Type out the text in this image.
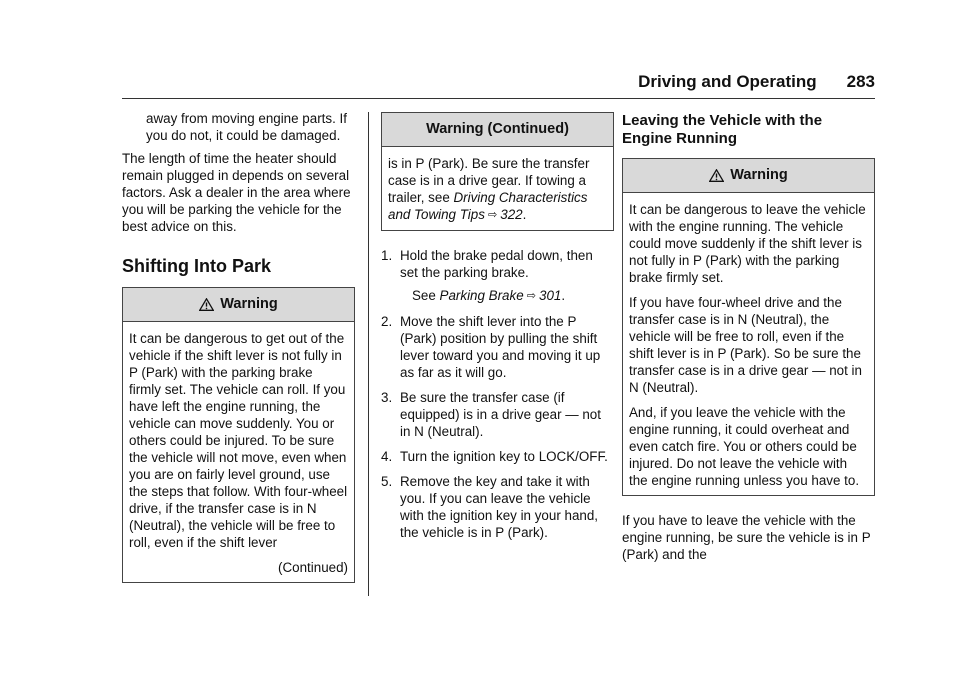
Driving and Operating 283

away from moving engine parts. If you do not, it could be damaged.

The length of time the heater should remain plugged in depends on several factors. Ask a dealer in the area where you will be parking the vehicle for the best advice on this.

Shifting Into Park

Warning

It can be dangerous to get out of the vehicle if the shift lever is not fully in P (Park) with the parking brake firmly set. The vehicle can roll. If you have left the engine running, the vehicle can move suddenly. You or others could be injured. To be sure the vehicle will not move, even when you are on fairly level ground, use the steps that follow. With four-wheel drive, if the transfer case is in N (Neutral), the vehicle will be free to roll, even if the shift lever

(Continued)

Warning (Continued)

is in P (Park). Be sure the transfer case is in a drive gear. If towing a trailer, see Driving Characteristics and Towing Tips ⇨ 322.

1. Hold the brake pedal down, then set the parking brake.

See Parking Brake ⇨ 301.

2. Move the shift lever into the P (Park) position by pulling the shift lever toward you and moving it up as far as it will go.

3. Be sure the transfer case (if equipped) is in a drive gear — not in N (Neutral).

4. Turn the ignition key to LOCK/OFF.

5. Remove the key and take it with you. If you can leave the vehicle with the ignition key in your hand, the vehicle is in P (Park).

Leaving the Vehicle with the Engine Running

Warning

It can be dangerous to leave the vehicle with the engine running. The vehicle could move suddenly if the shift lever is not fully in P (Park) with the parking brake firmly set.

If you have four-wheel drive and the transfer case is in N (Neutral), the vehicle will be free to roll, even if the shift lever is in P (Park). So be sure the transfer case is in a drive gear — not in N (Neutral).

And, if you leave the vehicle with the engine running, it could overheat and even catch fire. You or others could be injured. Do not leave the vehicle with the engine running unless you have to.

If you have to leave the vehicle with the engine running, be sure the vehicle is in P (Park) and the
